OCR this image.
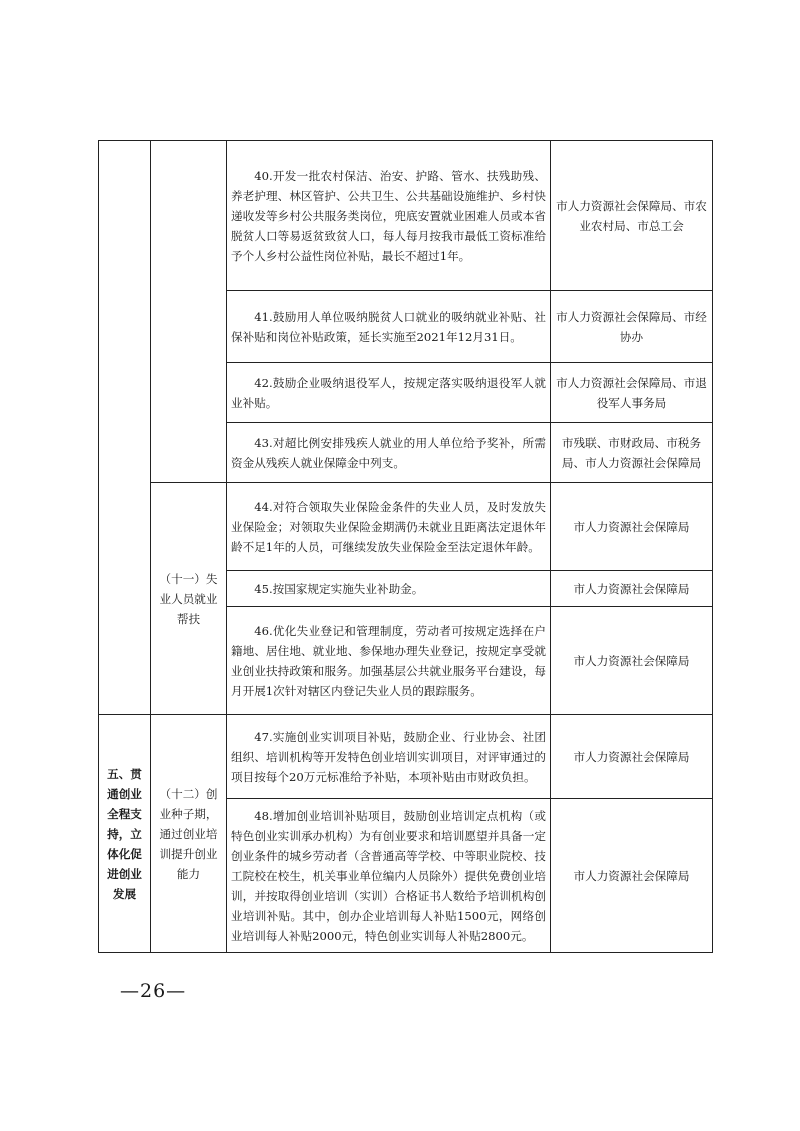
		40.开发一批农村保洁、治安、护路、管水、扶残助残、养老护理、林区管护、公共卫生、公共基础设施维护、乡村快递收发等乡村公共服务类岗位，兜底安置就业困难人员或本省脱贫人口等易返贫致贫人口，每人每月按我市最低工资标准给予个人乡村公益性岗位补贴，最长不超过1年。	市人力资源社会保障局、市农业农村局、市总工会
		41.鼓励用人单位吸纳脱贫人口就业的吸纳就业补贴、社保补贴和岗位补贴政策，延长实施至2021年12月31日。	市人力资源社会保障局、市经协办
		42.鼓励企业吸纳退役军人，按规定落实吸纳退役军人就业补贴。	市人力资源社会保障局、市退役军人事务局
		43.对超比例安排残疾人就业的用人单位给予奖补，所需资金从残疾人就业保障金中列支。	市残联、市财政局、市税务局、市人力资源社会保障局
	（十一）失业人员就业帮扶	44.对符合领取失业保险金条件的失业人员，及时发放失业保险金；对领取失业保险金期满仍未就业且距离法定退休年龄不足1年的人员，可继续发放失业保险金至法定退休年龄。	市人力资源社会保障局
		45.按国家规定实施失业补助金。	市人力资源社会保障局
		46.优化失业登记和管理制度，劳动者可按规定选择在户籍地、居住地、就业地、参保地办理失业登记，按规定享受就业创业扶持政策和服务。加强基层公共就业服务平台建设，每月开展1次针对辖区内登记失业人员的跟踪服务。	市人力资源社会保障局
五、贯通创业全程支持，立体化促进创业发展	（十二）创业种子期，通过创业培训提升创业能力	47.实施创业实训项目补贴，鼓励企业、行业协会、社团组织、培训机构等开发特色创业培训实训项目，对评审通过的项目按每个20万元标准给予补贴，本项补贴由市财政负担。	市人力资源社会保障局
		48.增加创业培训补贴项目，鼓励创业培训定点机构（或特色创业实训承办机构）为有创业要求和培训愿望并具备一定创业条件的城乡劳动者（含普通高等学校、中等职业院校、技工院校在校生，机关事业单位编内人员除外）提供免费创业培训，并按取得创业培训（实训）合格证书人数给予培训机构创业培训补贴。其中，创办企业培训每人补贴1500元，网络创业培训每人补贴2000元，特色创业实训每人补贴2800元。	市人力资源社会保障局
—26—
